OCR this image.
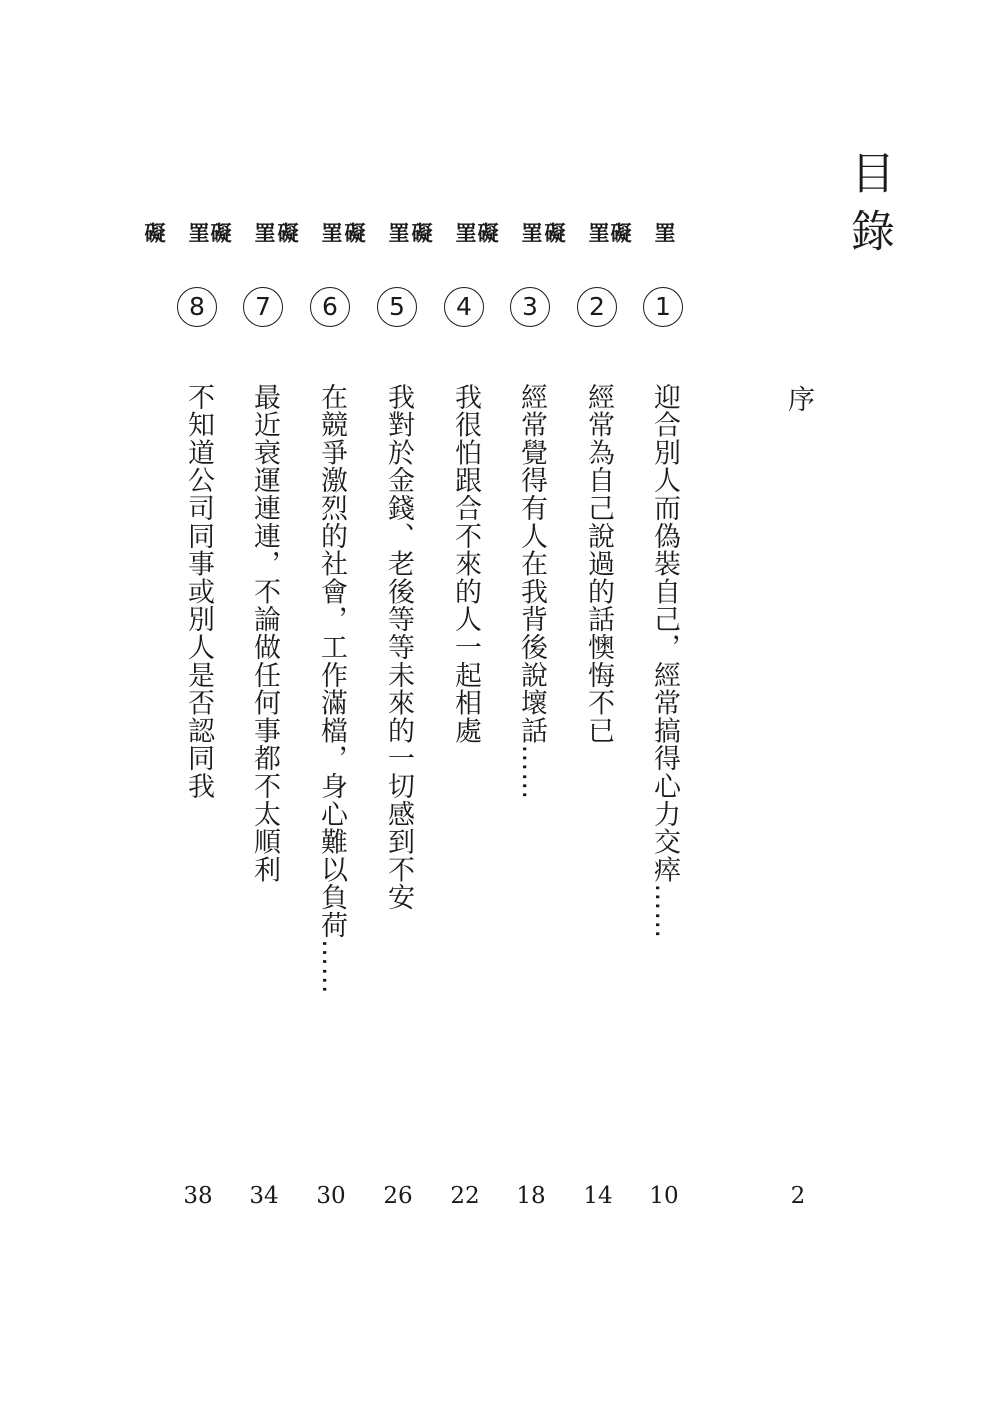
目錄
序
2
罣礙
1
迎合別人而偽裝自己，經常搞得心力交瘁……
10
罣礙
2
經常為自己說過的話懊悔不已
14
罣礙
3
經常覺得有人在我背後說壞話……
18
罣礙
4
我很怕跟合不來的人一起相處
22
罣礙
5
我對於金錢、老後等等未來的一切感到不安
26
罣礙
6
在競爭激烈的社會，工作滿檔，身心難以負荷……
30
罣礙
7
最近衰運連連，不論做任何事都不太順利
34
罣礙
8
不知道公司同事或別人是否認同我
38
